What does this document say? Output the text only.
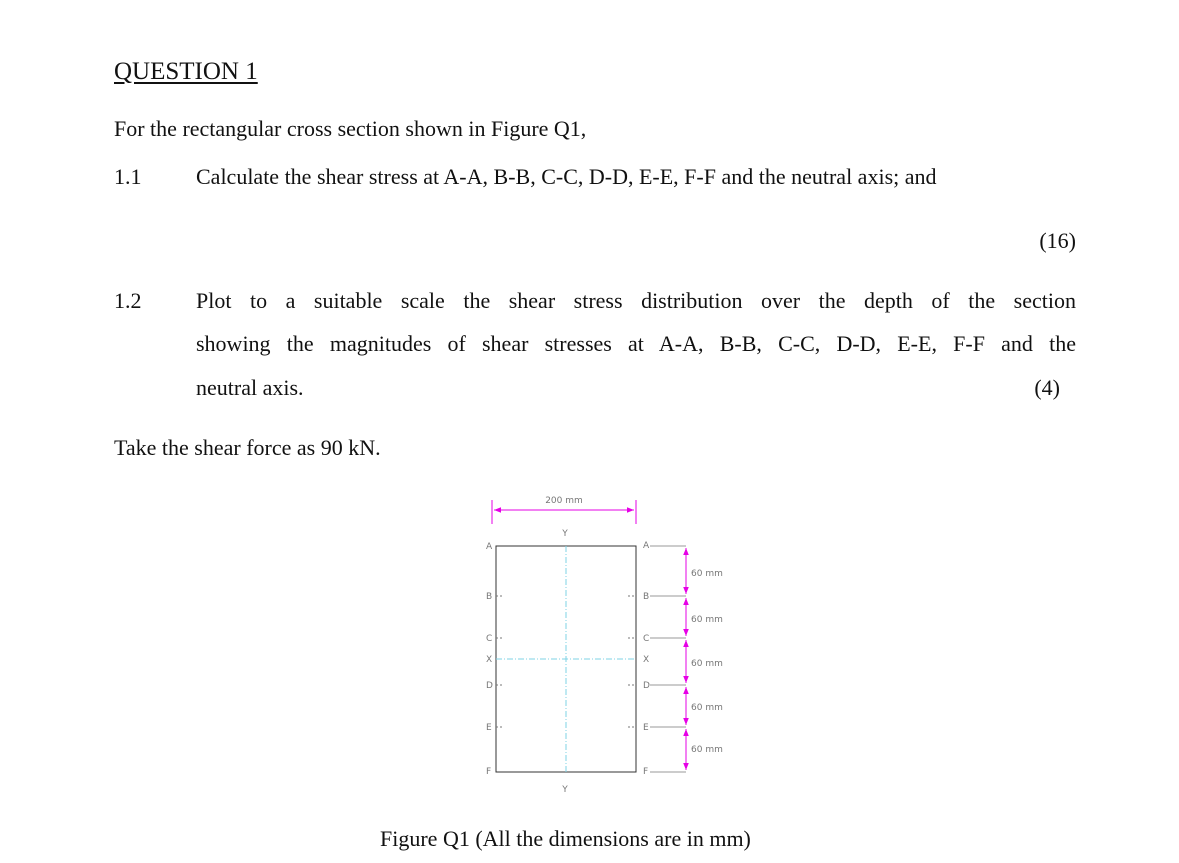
QUESTION 1
For the rectangular cross section shown in Figure Q1,
1.1 Calculate the shear stress at A-A, B-B, C-C, D-D, E-E, F-F and the neutral axis; and
(16)
1.2 Plot to a suitable scale the shear stress distribution over the depth of the section
showing the magnitudes of shear stresses at A-A, B-B, C-C, D-D, E-E, F-F and the
neutral axis.	(4)
Take the shear force as 90 kN.
200 mm
Y
Y
A
B
C
X
D
E
F
A
B
C
X
D
E
F
60 mm
60 mm
60 mm
60 mm
60 mm
Figure Q1 (All the dimensions are in mm)
